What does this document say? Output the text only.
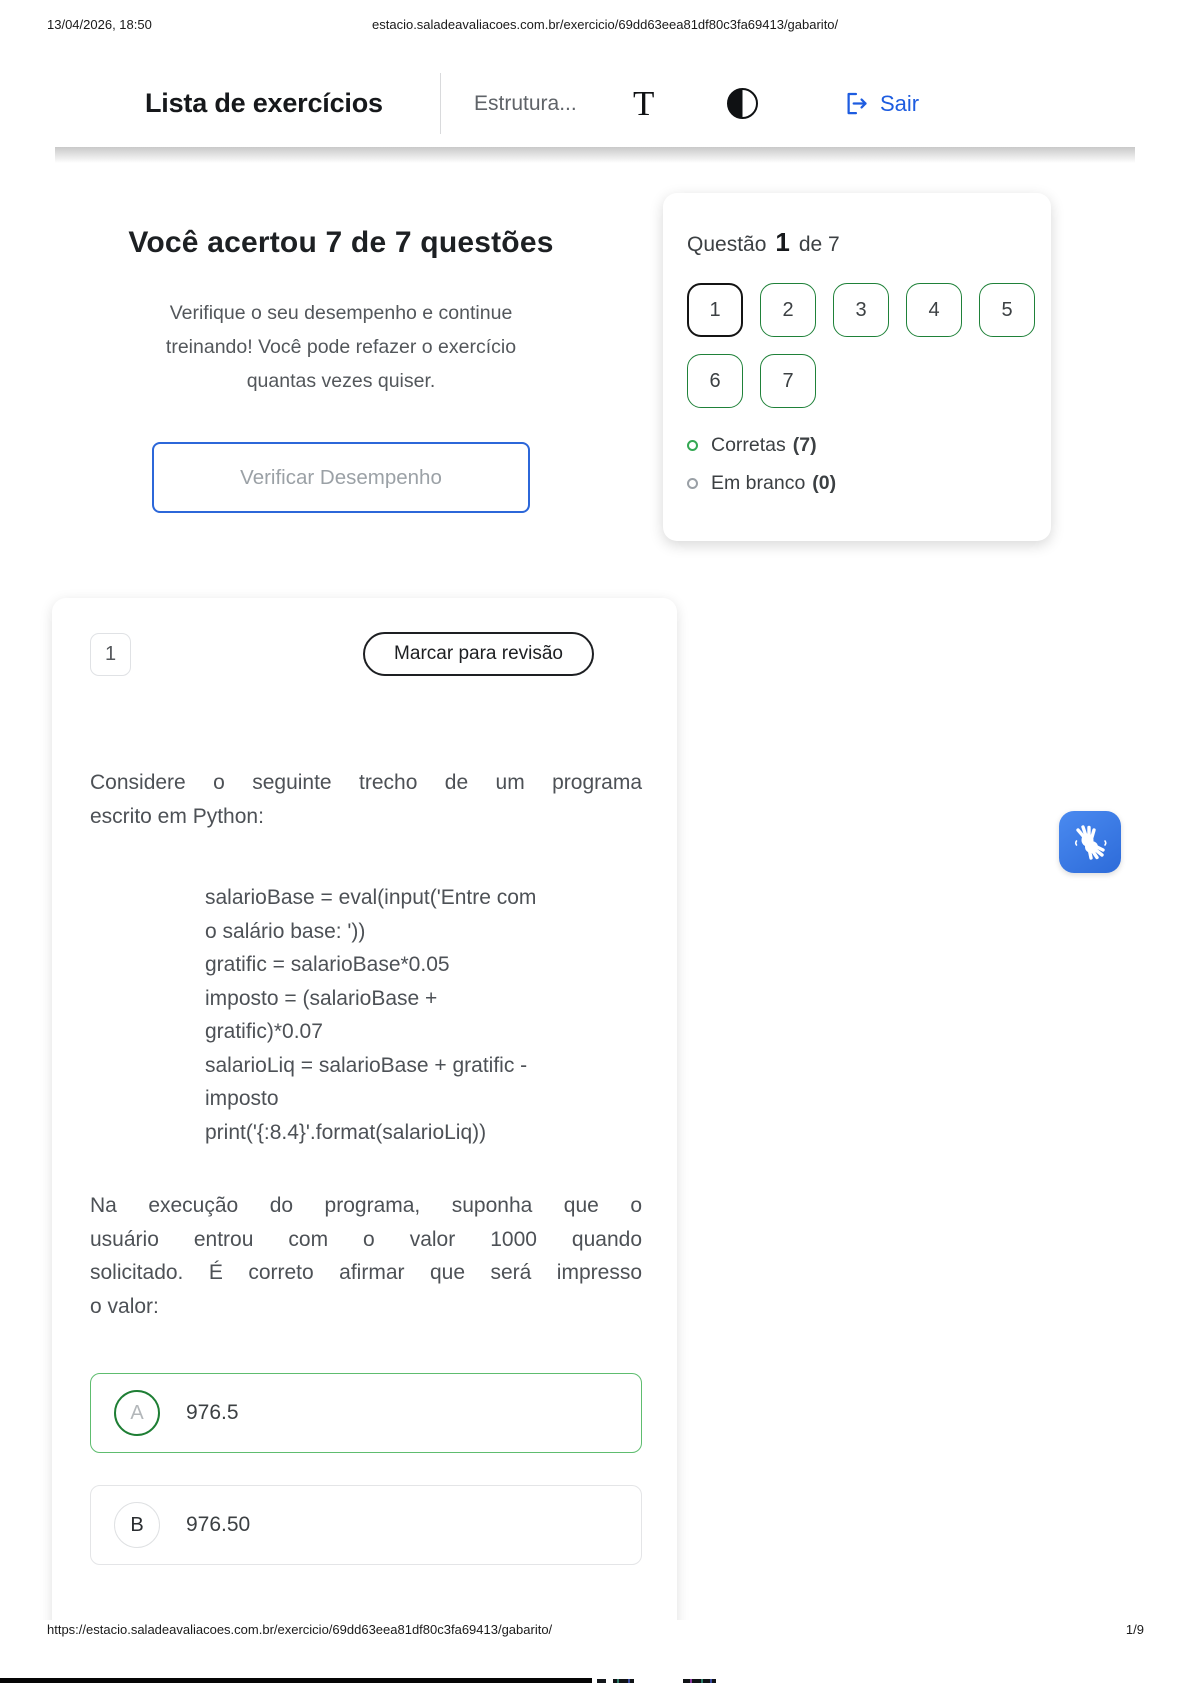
13/04/2026, 18:50	estacio.saladeavaliacoes.com.br/exercicio/69dd63eea81df80c3fa69413/gabarito/
Lista de exercícios	Estrutura... T	Sair
Você acertou 7 de 7 questões
Verifique o seu desempenho e continue
treinando! Você pode refazer o exercício
quantas vezes quiser.
Verificar Desempenho
Questão 1 de 7
1	2	3	4	5
6	7
Corretas (7)
Em branco (0)
1	Marcar para revisão
Considere o seguinte trecho de um programa
escrito em Python:
salarioBase = eval(input('Entre com
o salário base: '))
gratific = salarioBase*0.05
imposto = (salarioBase +
gratific)*0.07
salarioLiq = salarioBase + gratific -
imposto
print('{:8.4}'.format(salarioLiq))
Na execução do programa, suponha que o
usuário entrou com o valor 1000 quando
solicitado. É correto afirmar que será impresso
o valor:
A	976.5
B	976.50
https://estacio.saladeavaliacoes.com.br/exercicio/69dd63eea81df80c3fa69413/gabarito/	1/9
